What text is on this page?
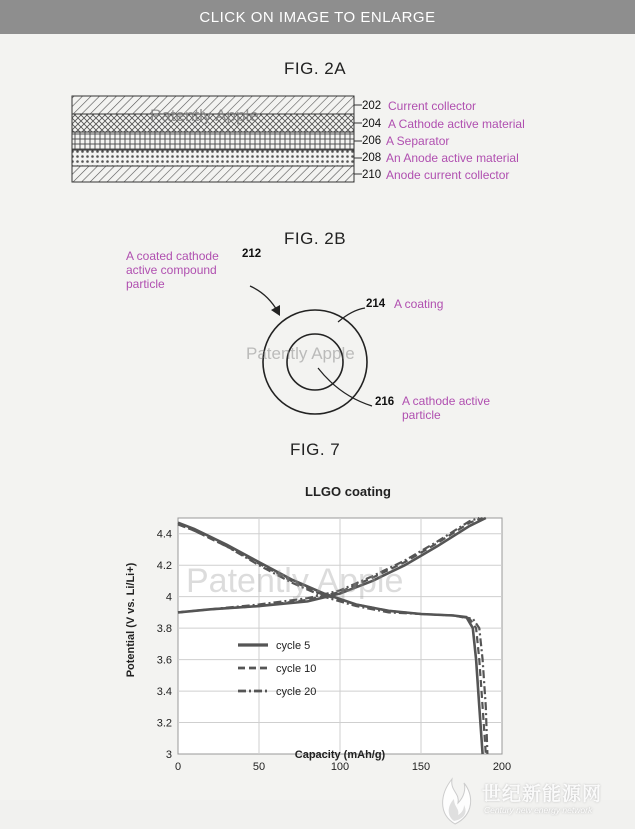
CLICK ON IMAGE TO ENLARGE
FIG. 2A
Patently Apple	202 Current collector
204 A Cathode active material
206 A Separator
208 An Anode active material
210 Anode current collector
FIG. 2B
A coated cathode
active compound
particle
212
Patently Apple
214 A coating
216 A cathode active
particle
FIG. 7
0	50	100	150	200
3
3.2
3.4
3.6
3.8
4
4.2
4.4
cycle 5
cycle 10
cycle 20
LLGO coating
Capacity (mAh/g)
Potential (V vs. Li/Li+) Patently Apple
世纪新能源网
Century new energy network
